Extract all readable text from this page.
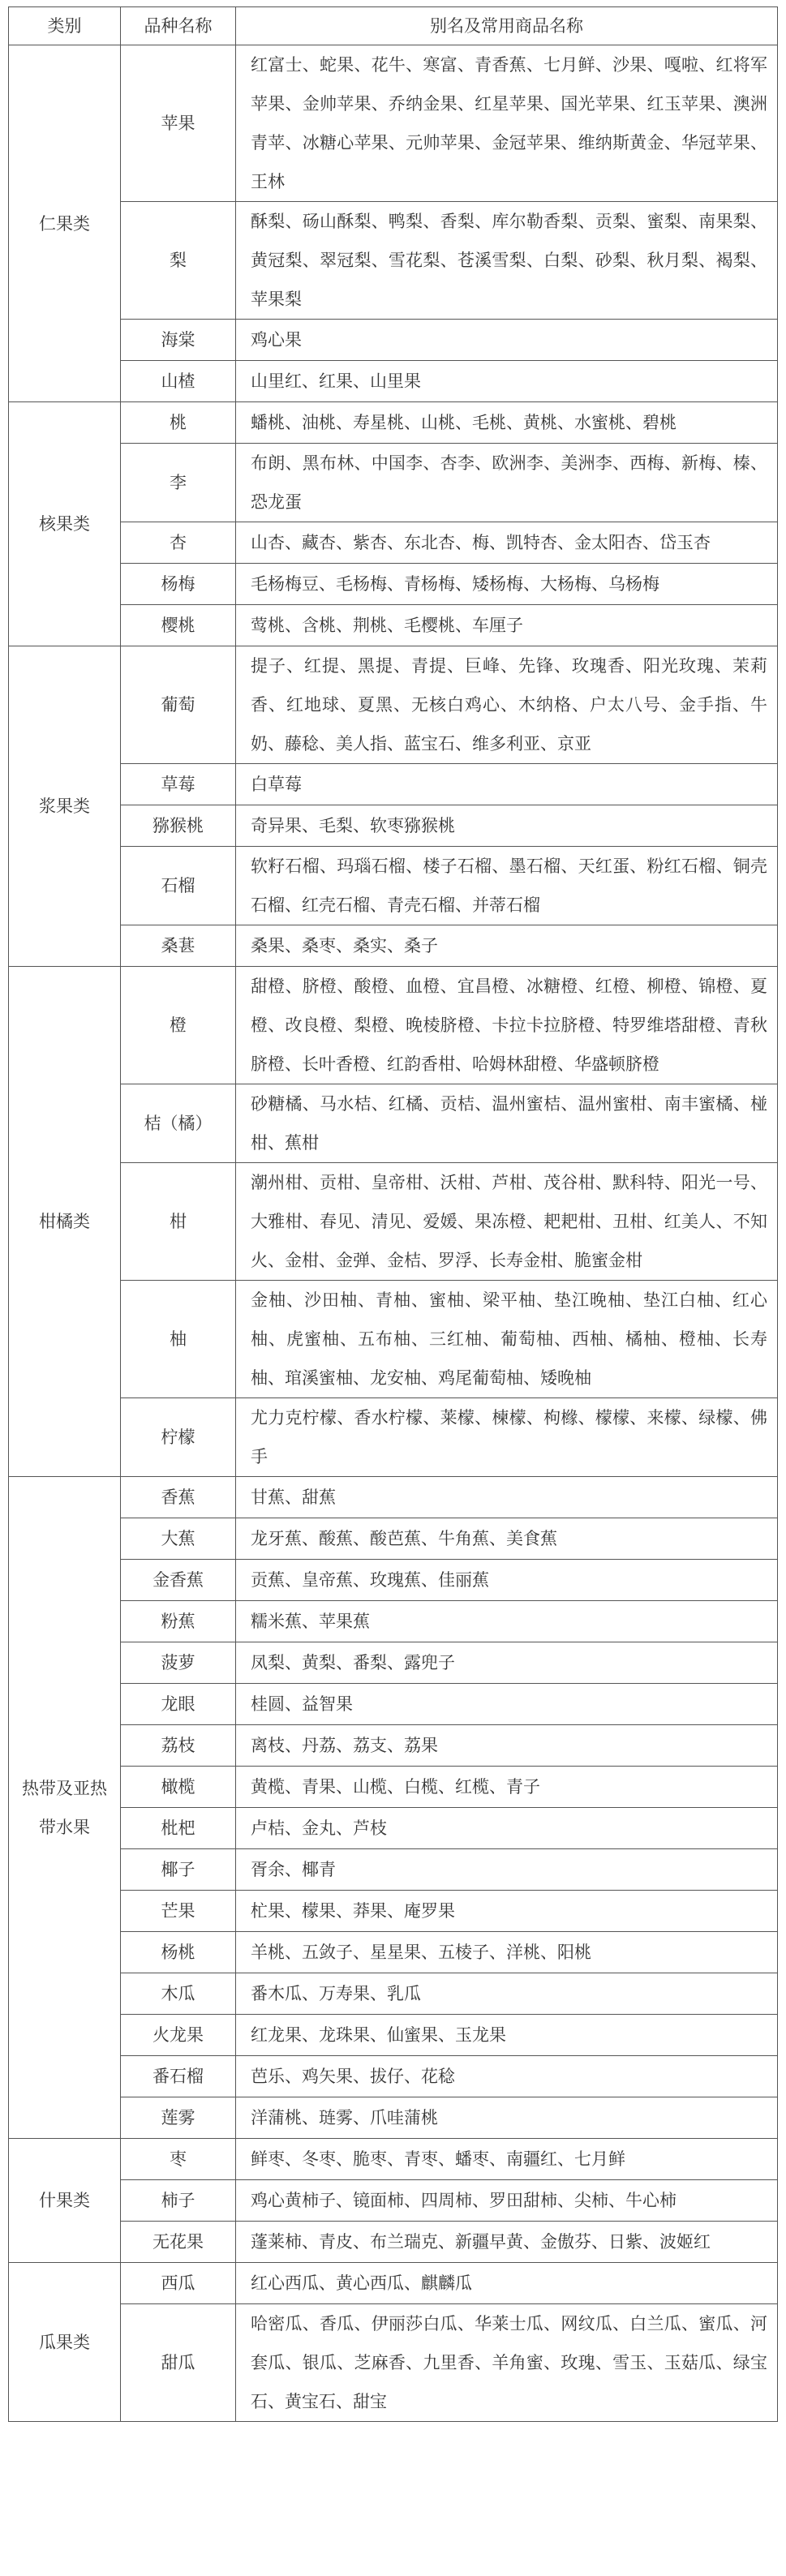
类别	品种名称	别名及常用商品名称
仁果类	苹果	红富士、蛇果、花牛、寒富、青香蕉、七月鲜、沙果、嘎啦、红将军苹果、金帅苹果、乔纳金果、红星苹果、国光苹果、红玉苹果、澳洲青苹、冰糖心苹果、元帅苹果、金冠苹果、维纳斯黄金、华冠苹果、王林
	梨	酥梨、砀山酥梨、鸭梨、香梨、库尔勒香梨、贡梨、蜜梨、南果梨、黄冠梨、翠冠梨、雪花梨、苍溪雪梨、白梨、砂梨、秋月梨、褐梨、苹果梨
	海棠	鸡心果
	山楂	山里红、红果、山里果
核果类	桃	蟠桃、油桃、寿星桃、山桃、毛桃、黄桃、水蜜桃、碧桃
	李	布朗、黑布林、中国李、杏李、欧洲李、美洲李、西梅、新梅、榛、恐龙蛋
	杏	山杏、藏杏、紫杏、东北杏、梅、凯特杏、金太阳杏、岱玉杏
	杨梅	毛杨梅豆、毛杨梅、青杨梅、矮杨梅、大杨梅、乌杨梅
	樱桃	莺桃、含桃、荆桃、毛樱桃、车厘子
浆果类	葡萄	提子、红提、黑提、青提、巨峰、先锋、玫瑰香、阳光玫瑰、茉莉香、红地球、夏黑、无核白鸡心、木纳格、户太八号、金手指、牛奶、藤稔、美人指、蓝宝石、维多利亚、京亚
	草莓	白草莓
	猕猴桃	奇异果、毛梨、软枣猕猴桃
	石榴	软籽石榴、玛瑙石榴、楼子石榴、墨石榴、天红蛋、粉红石榴、铜壳石榴、红壳石榴、青壳石榴、并蒂石榴
	桑葚	桑果、桑枣、桑实、桑子
柑橘类	橙	甜橙、脐橙、酸橙、血橙、宜昌橙、冰糖橙、红橙、柳橙、锦橙、夏橙、改良橙、梨橙、晚棱脐橙、卡拉卡拉脐橙、特罗维塔甜橙、青秋脐橙、长叶香橙、红韵香柑、哈姆林甜橙、华盛顿脐橙
	桔（橘）	砂糖橘、马水桔、红橘、贡桔、温州蜜桔、温州蜜柑、南丰蜜橘、椪柑、蕉柑
	柑	潮州柑、贡柑、皇帝柑、沃柑、芦柑、茂谷柑、默科特、阳光一号、大雅柑、春见、清见、爱媛、果冻橙、耙耙柑、丑柑、红美人、不知火、金柑、金弹、金桔、罗浮、长寿金柑、脆蜜金柑
	柚	金柚、沙田柚、青柚、蜜柚、梁平柚、垫江晚柚、垫江白柚、红心柚、虎蜜柚、五布柚、三红柚、葡萄柚、西柚、橘柚、橙柚、长寿柚、琯溪蜜柚、龙安柚、鸡尾葡萄柚、矮晚柚
	柠檬	尤力克柠檬、香水柠檬、莱檬、楝檬、枸橼、檬檬、来檬、绿檬、佛手
热带及亚热带水果	香蕉	甘蕉、甜蕉
	大蕉	龙牙蕉、酸蕉、酸芭蕉、牛角蕉、美食蕉
	金香蕉	贡蕉、皇帝蕉、玫瑰蕉、佳丽蕉
	粉蕉	糯米蕉、苹果蕉
	菠萝	凤梨、黄梨、番梨、露兜子
	龙眼	桂圆、益智果
	荔枝	离枝、丹荔、荔支、荔果
	橄榄	黄榄、青果、山榄、白榄、红榄、青子
	枇杷	卢桔、金丸、芦枝
	椰子	胥余、椰青
	芒果	杧果、檬果、莽果、庵罗果
	杨桃	羊桃、五敛子、星星果、五棱子、洋桃、阳桃
	木瓜	番木瓜、万寿果、乳瓜
	火龙果	红龙果、龙珠果、仙蜜果、玉龙果
	番石榴	芭乐、鸡矢果、拔仔、花稔
	莲雾	洋蒲桃、琏雾、爪哇蒲桃
什果类	枣	鲜枣、冬枣、脆枣、青枣、蟠枣、南疆红、七月鲜
	柿子	鸡心黄柿子、镜面柿、四周柿、罗田甜柿、尖柿、牛心柿
	无花果	蓬莱柿、青皮、布兰瑞克、新疆早黄、金傲芬、日紫、波姬红
瓜果类	西瓜	红心西瓜、黄心西瓜、麒麟瓜
	甜瓜	哈密瓜、香瓜、伊丽莎白瓜、华莱士瓜、网纹瓜、白兰瓜、蜜瓜、河套瓜、银瓜、芝麻香、九里香、羊角蜜、玫瑰、雪玉、玉菇瓜、绿宝石、黄宝石、甜宝
